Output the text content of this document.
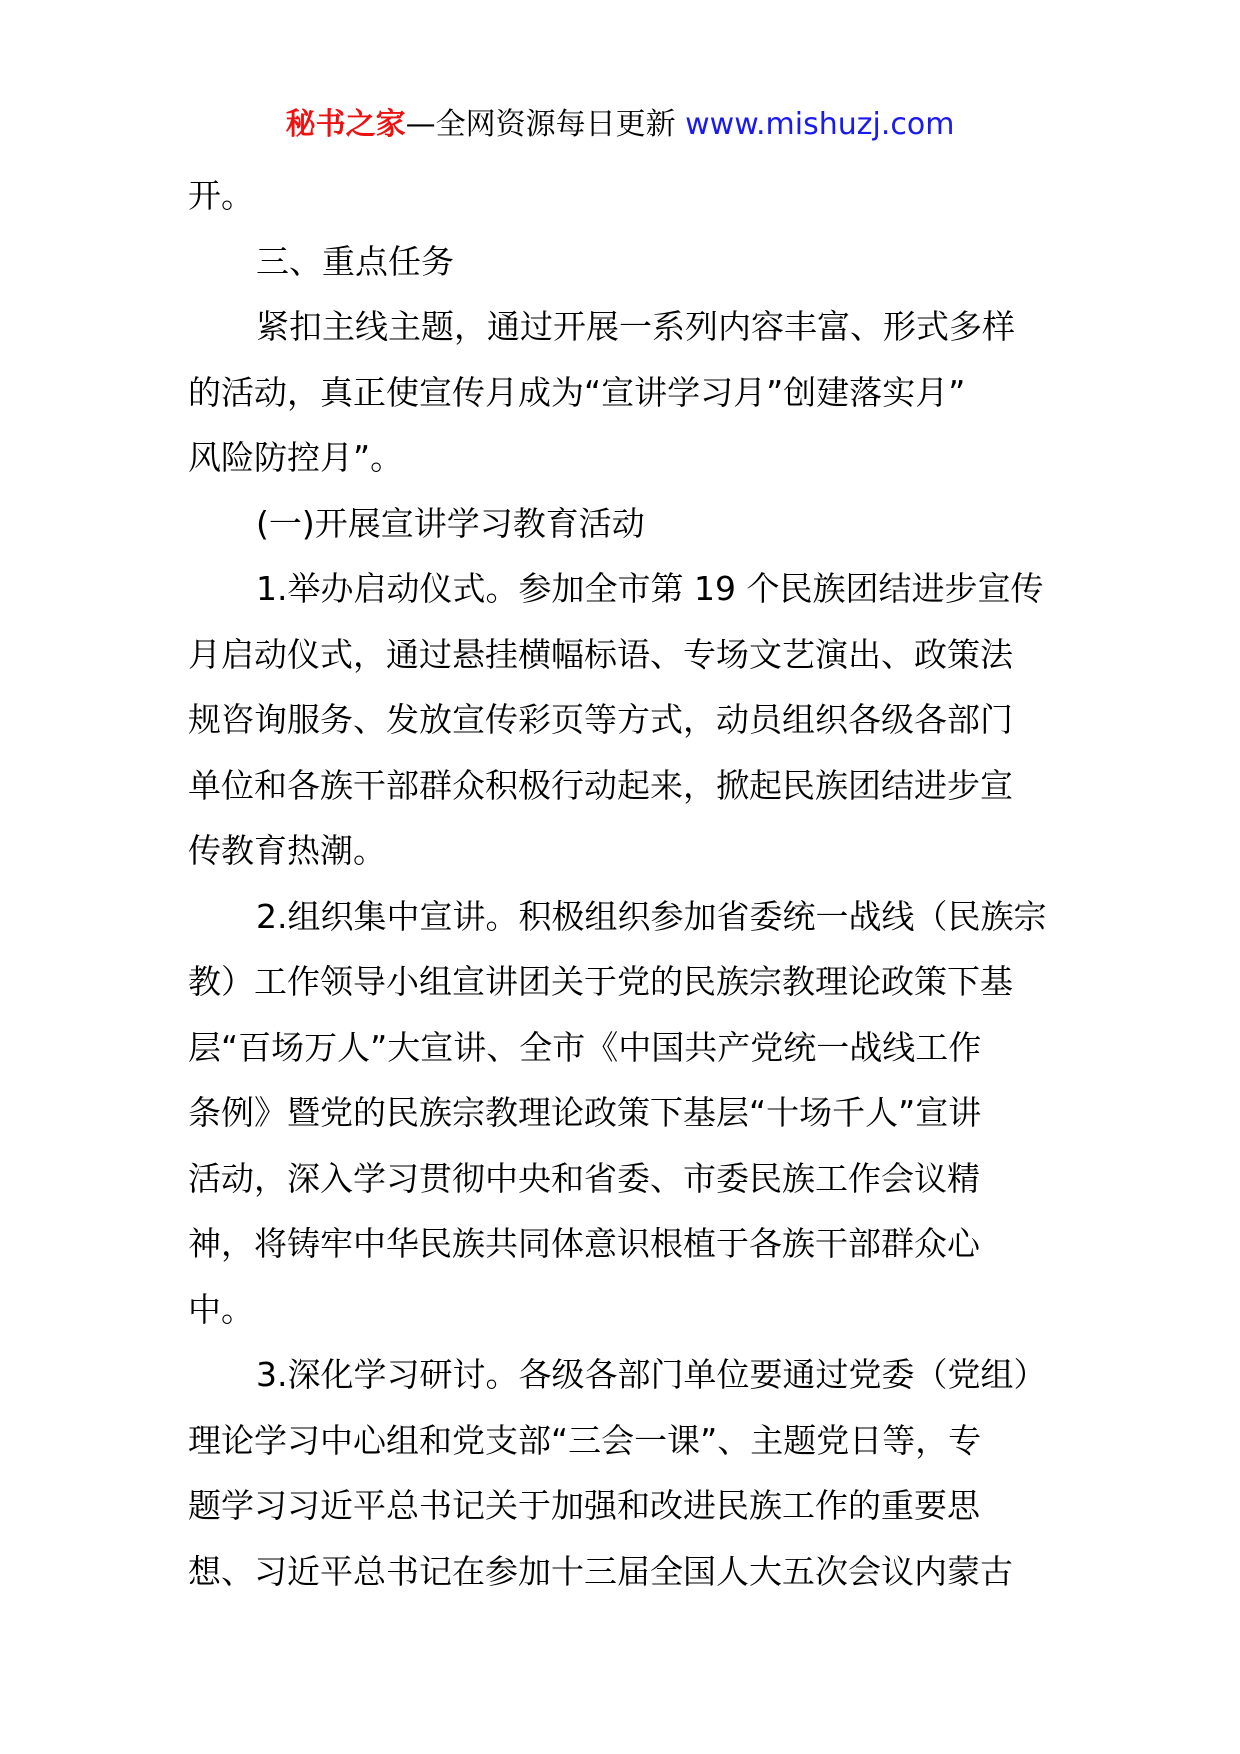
秘书之家—全网资源每日更新 www.mishuzj.com
开。
三、重点任务
紧扣主线主题，通过开展一系列内容丰富、形式多样
的活动，真正使宣传月成为“宣讲学习月”创建落实月”
风险防控月”。
(一)开展宣讲学习教育活动
1.举办启动仪式。参加全市第 19 个民族团结进步宣传
月启动仪式，通过悬挂横幅标语、专场文艺演出、政策法
规咨询服务、发放宣传彩页等方式，动员组织各级各部门
单位和各族干部群众积极行动起来，掀起民族团结进步宣
传教育热潮。
2.组织集中宣讲。积极组织参加省委统一战线（民族宗
教）工作领导小组宣讲团关于党的民族宗教理论政策下基
层“百场万人”大宣讲、全市《中国共产党统一战线工作
条例》暨党的民族宗教理论政策下基层“十场千人”宣讲
活动，深入学习贯彻中央和省委、市委民族工作会议精
神，将铸牢中华民族共同体意识根植于各族干部群众心
中。
3.深化学习研讨。各级各部门单位要通过党委（党组）
理论学习中心组和党支部“三会一课”、主题党日等，专
题学习习近平总书记关于加强和改进民族工作的重要思
想、习近平总书记在参加十三届全国人大五次会议内蒙古
